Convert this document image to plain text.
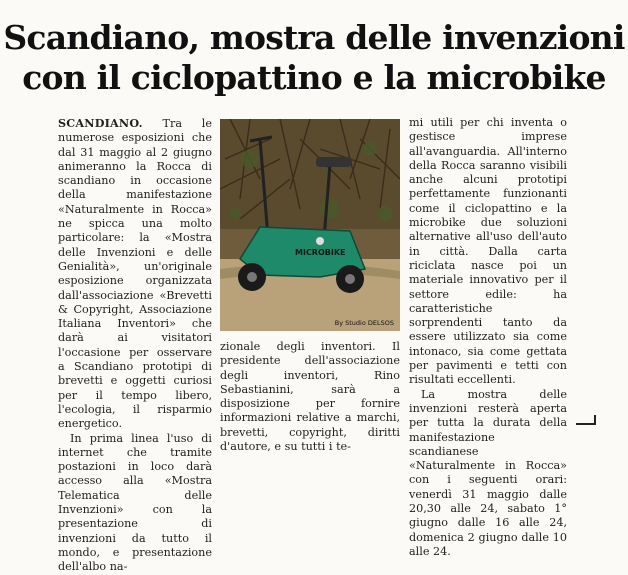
Scandiano, mostra delle invenzioni
con il ciclopattino e la microbike

SCANDIANO. Tra le numerose esposizioni che dal 31 maggio al 2 giugno animeranno la Rocca di scandiano in occasione della manifestazione «Naturalmente in Rocca» ne spicca una molto particolare: la «Mostra delle Invenzioni e delle Genialità», un'originale esposizione organizzata dall'associazione «Brevetti & Copyright, Associazione Italiana Inventori» che darà ai visitatori l'occasione per osservare a Scandiano prototipi di brevetti e oggetti curiosi per il tempo libero, l'ecologia, il risparmio energetico.

In prima linea l'uso di internet che tramite postazioni in loco darà accesso alla «Mostra Telematica delle Invenzioni» con la presentazione di invenzioni da tutto il mondo, e presentazione dell'albo na-

MICROBIKE
By Studio DELSOS

zionale degli inventori. Il presidente dell'associazione degli inventori, Rino Sebastianini, sarà a disposizione per fornire informazioni relative a marchi, brevetti, copyright, diritti d'autore, e su tutti i te-

mi utili per chi inventa o gestisce imprese all'avanguardia. All'interno della Rocca saranno visibili anche alcuni prototipi perfettamente funzionanti come il ciclopattino e la microbike due soluzioni alternative all'uso dell'auto in città. Dalla carta riciclata nasce poi un materiale innovativo per il settore edile: ha caratteristiche sorprendenti tanto da essere utilizzato sia come intonaco, sia come gettata per pavimenti e tetti con risultati eccellenti.

La mostra delle invenzioni resterà aperta per tutta la durata della manifestazione scandianese «Naturalmente in Rocca» con i seguenti orari: venerdì 31 maggio dalle 20,30 alle 24, sabato 1° giugno dalle 16 alle 24, domenica 2 giugno dalle 10 alle 24.
